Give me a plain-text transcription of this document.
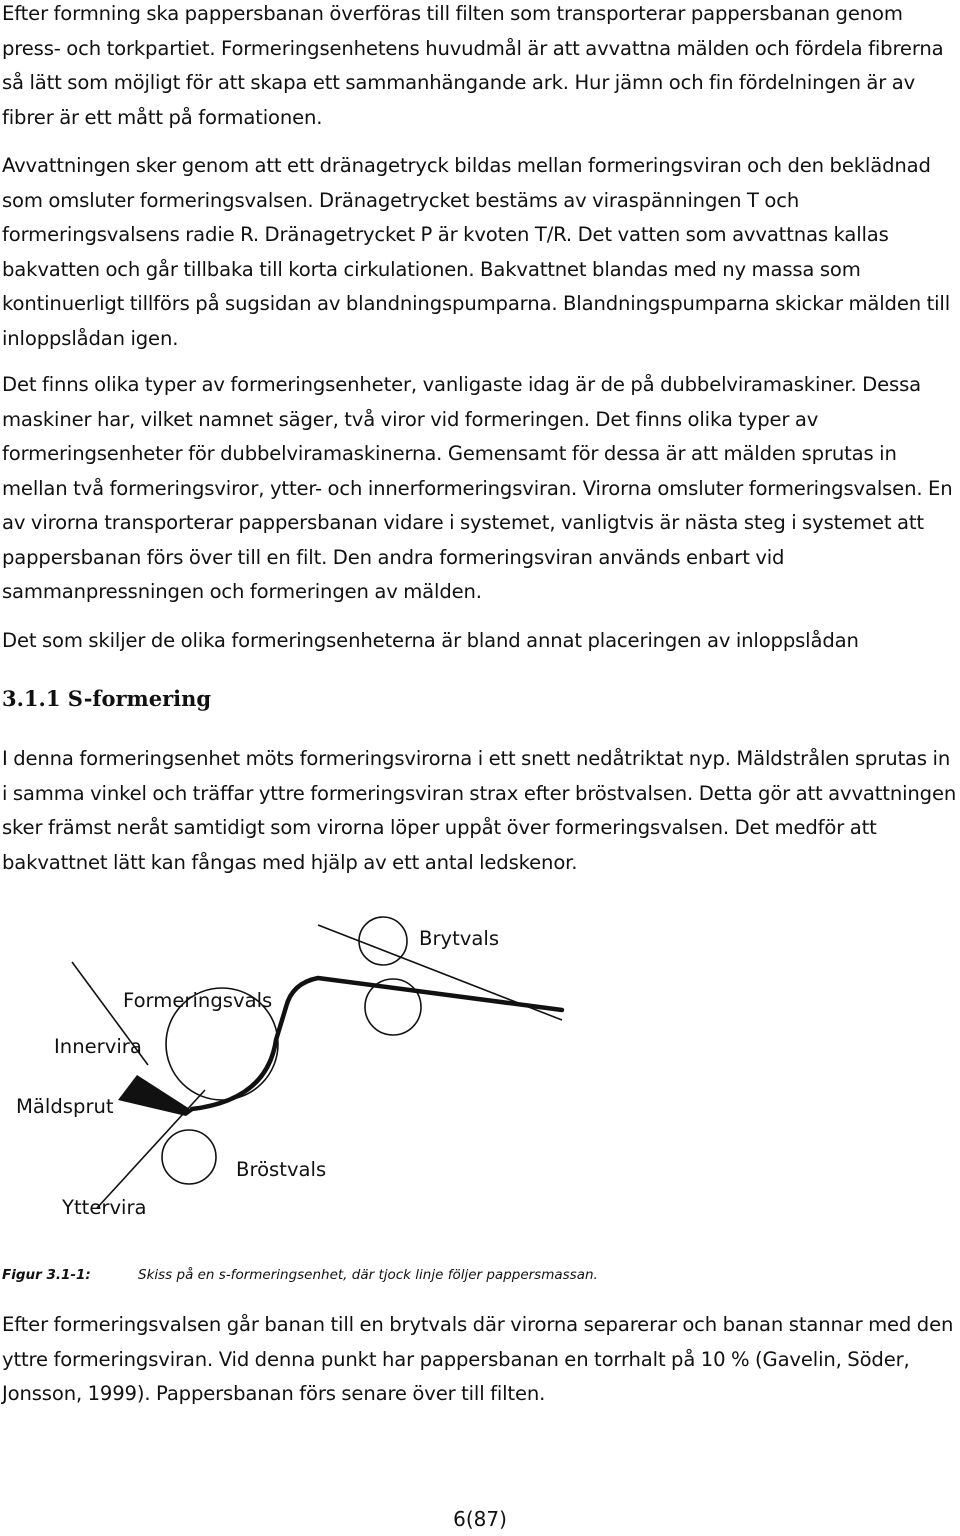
Efter formning ska pappersbanan överföras till filten som transporterar pappersbanan genom press- och torkpartiet. Formeringsenhetens huvudmål är att avvattna mälden och fördela fibrerna så lätt som möjligt för att skapa ett sammanhängande ark. Hur jämn och fin fördelningen är av fibrer är ett mått på formationen.

Avvattningen sker genom att ett dränagetryck bildas mellan formeringsviran och den beklädnad som omsluter formeringsvalsen. Dränagetrycket bestäms av viraspänningen T och formeringsvalsens radie R. Dränagetrycket P är kvoten T/R. Det vatten som avvattnas kallas bakvatten och går tillbaka till korta cirkulationen. Bakvattnet blandas med ny massa som kontinuerligt tillförs på sugsidan av blandningspumparna. Blandningspumparna skickar mälden till inloppslådan igen.

Det finns olika typer av formeringsenheter, vanligaste idag är de på dubbelviramaskiner. Dessa maskiner har, vilket namnet säger, två viror vid formeringen. Det finns olika typer av formeringsenheter för dubbelviramaskinerna. Gemensamt för dessa är att mälden sprutas in mellan två formeringsviror, ytter- och innerformeringsviran. Virorna omsluter formeringsvalsen. En av virorna transporterar pappersbanan vidare i systemet, vanligtvis är nästa steg i systemet att pappersbanan förs över till en filt. Den andra formeringsviran används enbart vid sammanpressningen och formeringen av mälden.

Det som skiljer de olika formeringsenheterna är bland annat placeringen av inloppslådan

3.1.1 S-formering

I denna formeringsenhet möts formeringsvirorna i ett snett nedåtriktat nyp. Mäldstrålen sprutas in i samma vinkel och träffar yttre formeringsviran strax efter bröstvalsen. Detta gör att avvattningen sker främst neråt samtidigt som virorna löper uppåt över formeringsvalsen. Det medför att bakvattnet lätt kan fångas med hjälp av ett antal ledskenor.

Brytvals
Formeringsvals
Innervira
Mäldsprut
Bröstvals
Yttervira

Figur 3.1-1:	Skiss på en s-formeringsenhet, där tjock linje följer pappersmassan.

Efter formeringsvalsen går banan till en brytvals där virorna separerar och banan stannar med den yttre formeringsviran. Vid denna punkt har pappersbanan en torrhalt på 10 % (Gavelin, Söder, Jonsson, 1999). Pappersbanan förs senare över till filten.

6(87)
